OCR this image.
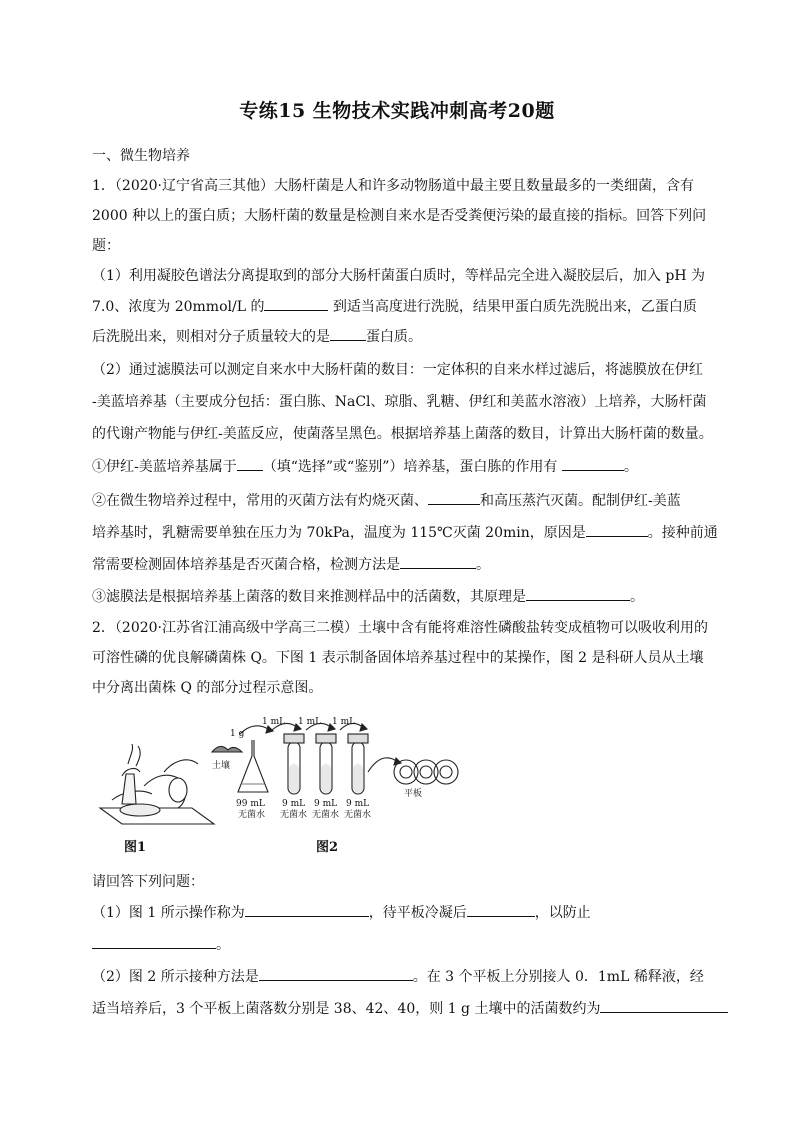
专练15 生物技术实践冲刺高考20题
一、微生物培养
1．（2020·辽宁省高三其他）大肠杆菌是人和许多动物肠道中最主要且数量最多的一类细菌，含有
2000 种以上的蛋白质；大肠杆菌的数量是检测自来水是否受粪便污染的最直接的指标。回答下列问
题：
（1）利用凝胶色谱法分离提取到的部分大肠杆菌蛋白质时，等样品完全进入凝胶层后，加入 pH 为
7.0、浓度为 20mmol/L 的	到适当高度进行洗脱，结果甲蛋白质先洗脱出来，乙蛋白质
后洗脱出来，则相对分子质量较大的是	蛋白质。
（2）通过滤膜法可以测定自来水中大肠杆菌的数目：一定体积的自来水样过滤后，将滤膜放在伊红
-美蓝培养基（主要成分包括：蛋白胨、NaCl、琼脂、乳糖、伊红和美蓝水溶液）上培养，大肠杆菌
的代谢产物能与伊红-美蓝反应，使菌落呈黑色。根据培养基上菌落的数目，计算出大肠杆菌的数量。
①伊红-美蓝培养基属于 （填“选择”或“鉴别”）培养基，蛋白胨的作用有	。
②在微生物培养过程中，常用的灭菌方法有灼烧灭菌、	和高压蒸汽灭菌。配制伊红-美蓝
培养基时，乳糖需要单独在压力为 70kPa，温度为 115℃灭菌 20min，原因是	。接种前通
常需要检测固体培养基是否灭菌合格，检测方法是	。
③滤膜法是根据培养基上菌落的数目来推测样品中的活菌数，其原理是	。
2．（2020·江苏省江浦高级中学高三二模）土壤中含有能将难溶性磷酸盐转变成植物可以吸收利用的
可溶性磷的优良解磷菌株 Q。下图 1 表示制备固体培养基过程中的某操作，图 2 是科研人员从土壤
中分离出菌株 Q 的部分过程示意图。
1 g
土壤
1 mL 1 mL 1 mL
99 mL
无菌水
9 mL
无菌水
9 mL
无菌水
9 mL
无菌水
平板
图1	图2
请回答下列问题：
（1）图 1 所示操作称为	，待平板冷凝后	，以防止
。
（2）图 2 所示接种方法是	。在 3 个平板上分别接人 0．1mL 稀释液，经
适当培养后，3 个平板上菌落数分别是 38、42、40，则 1 g 土壤中的活菌数约为
